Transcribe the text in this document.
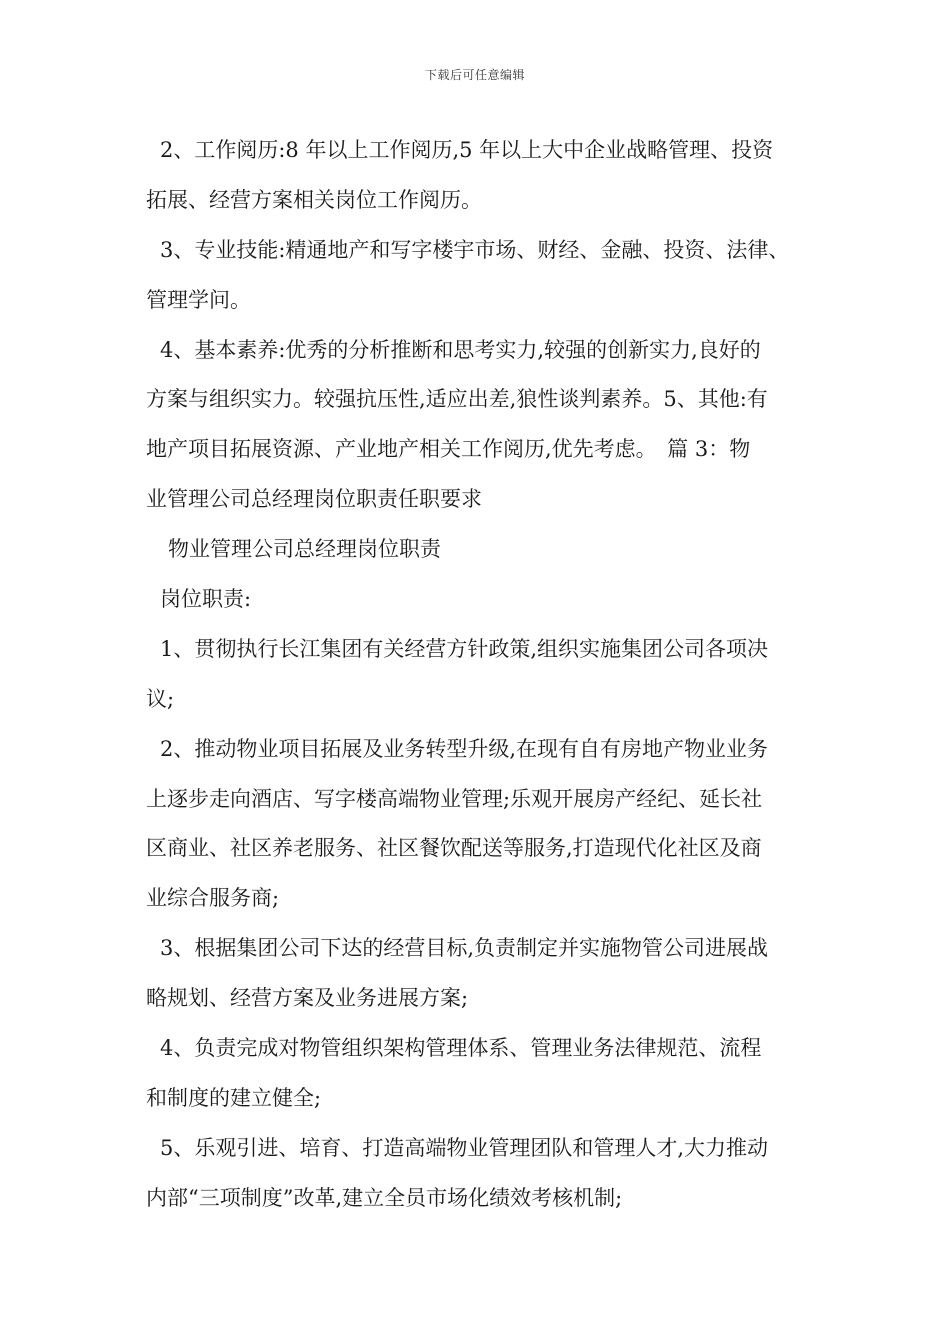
下载后可任意编辑
2、工作阅历:8 年以上工作阅历,5 年以上大中企业战略管理、投资
拓展、经营方案相关岗位工作阅历。
3、专业技能:精通地产和写字楼宇市场、财经、金融、投资、法律、
管理学问。
4、基本素养:优秀的分析推断和思考实力,较强的创新实力,良好的
方案与组织实力。较强抗压性,适应出差,狼性谈判素养。5、其他:有
地产项目拓展资源、产业地产相关工作阅历,优先考虑。　篇 3：物
业管理公司总经理岗位职责任职要求
物业管理公司总经理岗位职责
岗位职责:
1、贯彻执行长江集团有关经营方针政策,组织实施集团公司各项决
议;
2、推动物业项目拓展及业务转型升级,在现有自有房地产物业业务
上逐步走向酒店、写字楼高端物业管理;乐观开展房产经纪、延长社
区商业、社区养老服务、社区餐饮配送等服务,打造现代化社区及商
业综合服务商;
3、根据集团公司下达的经营目标,负责制定并实施物管公司进展战
略规划、经营方案及业务进展方案;
4、负责完成对物管组织架构管理体系、管理业务法律规范、流程
和制度的建立健全;
5、乐观引进、培育、打造高端物业管理团队和管理人才,大力推动
内部“三项制度”改革,建立全员市场化绩效考核机制;
